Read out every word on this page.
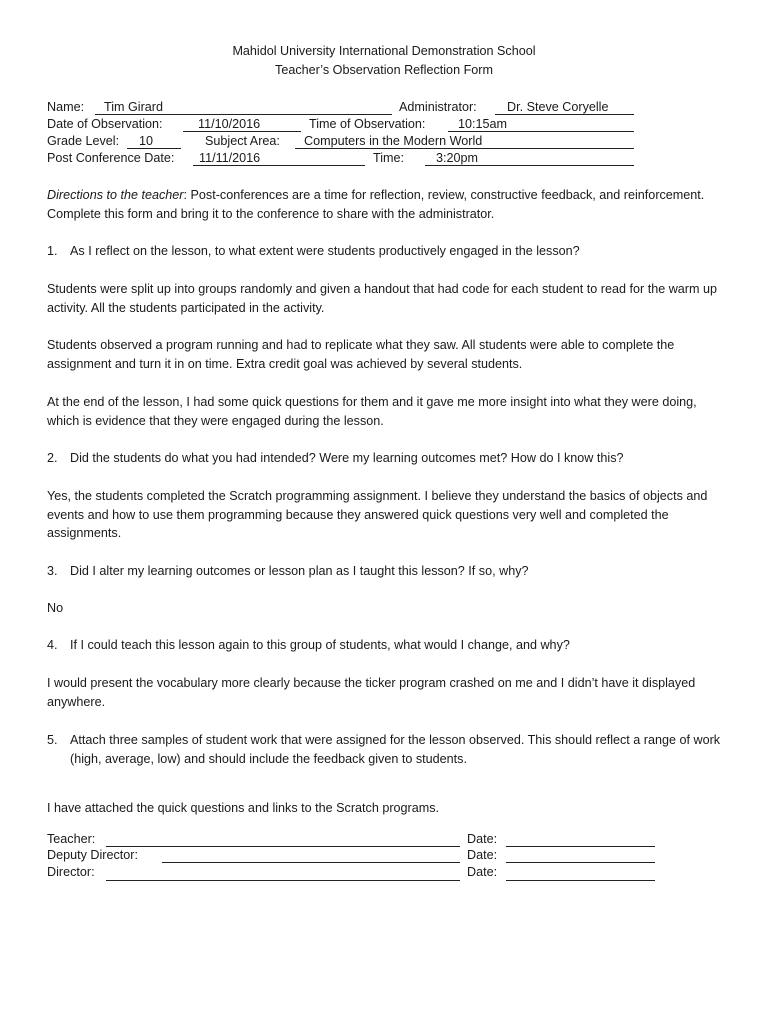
Mahidol University International Demonstration School
Teacher’s Observation Reflection Form
Name: Tim Girard	Administrator: Dr. Steve Coryelle
Date of Observation:	11/10/2016	Time of Observation:	10:15am
Grade Level: 10	Subject Area: Computers in the Modern World
Post Conference Date: 11/11/2016	Time:	3:20pm
Directions to the teacher: Post-conferences are a time for reflection, review, constructive feedback, and reinforcement. Complete this form and bring it to the conference to share with the administrator.
1. As I reflect on the lesson, to what extent were students productively engaged in the lesson?
Students were split up into groups randomly and given a handout that had code for each student to read for the warm up activity. All the students participated in the activity.
Students observed a program running and had to replicate what they saw. All students were able to complete the assignment and turn it in on time. Extra credit goal was achieved by several students.
At the end of the lesson, I had some quick questions for them and it gave me more insight into what they were doing, which is evidence that they were engaged during the lesson.
2. Did the students do what you had intended? Were my learning outcomes met? How do I know this?
Yes, the students completed the Scratch programming assignment. I believe they understand the basics of objects and events and how to use them programming because they answered quick questions very well and completed the assignments.
3. Did I alter my learning outcomes or lesson plan as I taught this lesson? If so, why?
No
4. If I could teach this lesson again to this group of students, what would I change, and why?
I would present the vocabulary more clearly because the ticker program crashed on me and I didn’t have it displayed anywhere.
5. Attach three samples of student work that were assigned for the lesson observed. This should reflect a range of work (high, average, low) and should include the feedback given to students.
I have attached the quick questions and links to the Scratch programs.
Teacher:	Date:
Deputy Director:	Date:
Director:	Date:
